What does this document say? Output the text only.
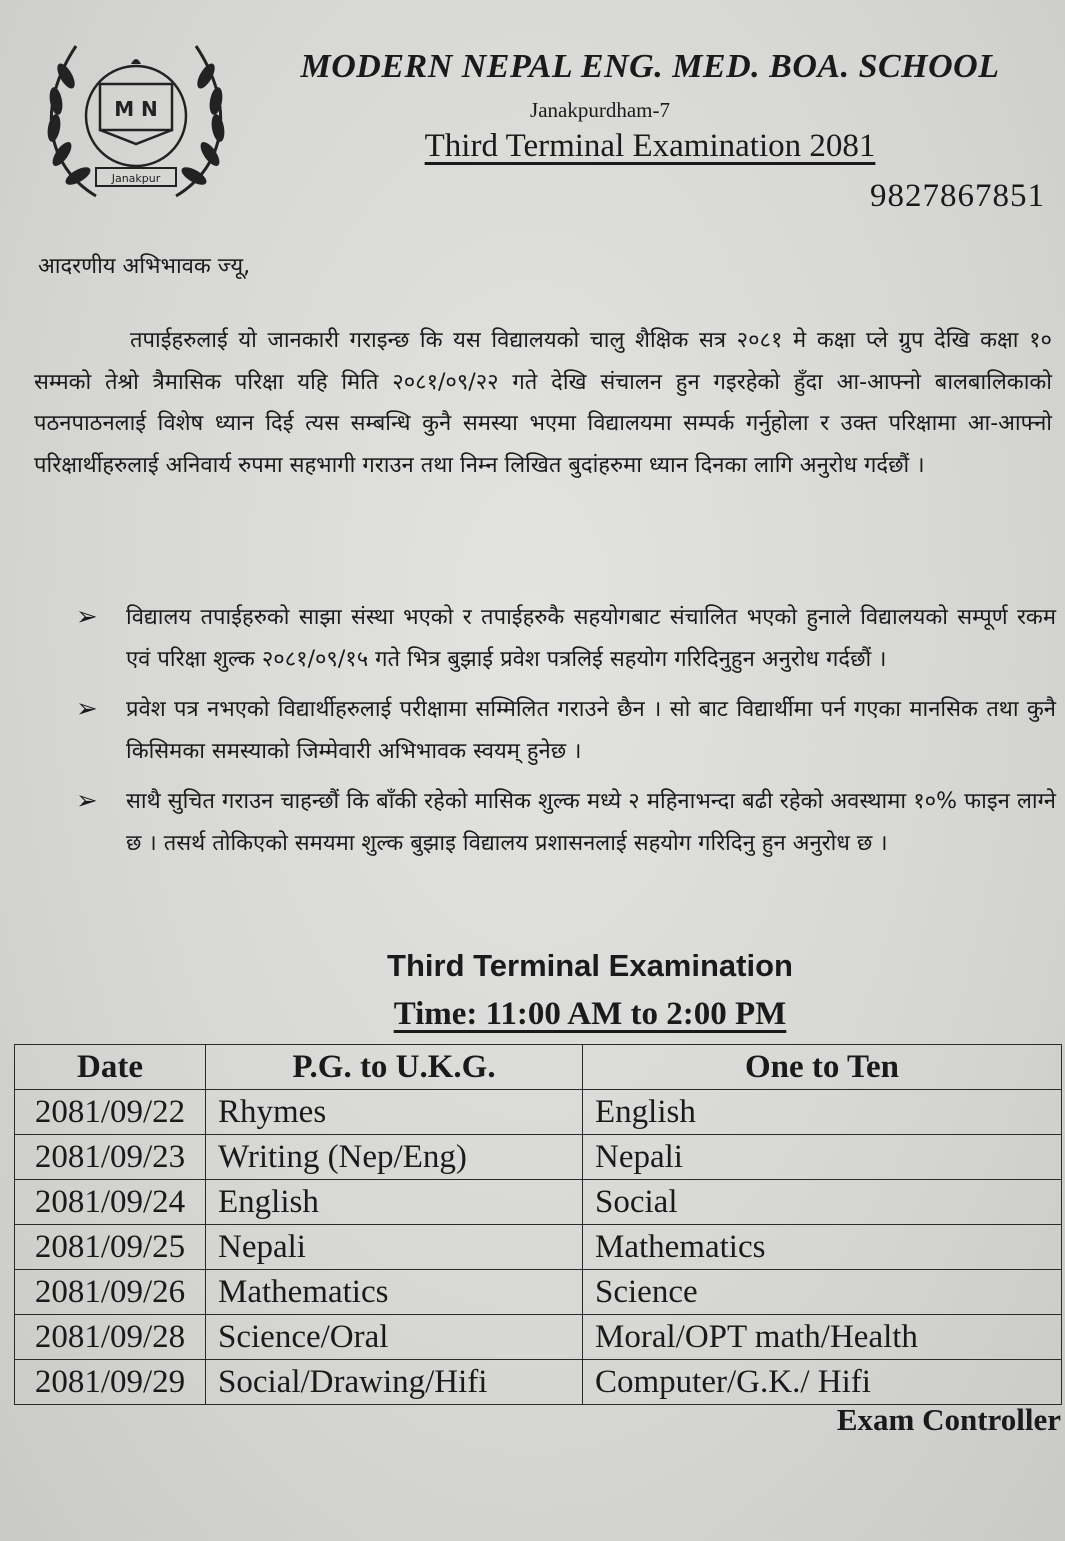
M N
Janakpur
MODERN NEPAL ENG. MED. BOA. SCHOOL
Janakpurdham-7
Third Terminal Examination 2081
9827867851
आदरणीय अभिभावक ज्यू,
तपाईहरुलाई यो जानकारी गराइन्छ कि यस विद्यालयको चालु शैक्षिक सत्र २०८१ मे कक्षा प्ले ग्रुप देखि कक्षा १० सम्मको तेश्रो त्रैमासिक परिक्षा यहि मिति २०८१/०९/२२ गते देखि संचालन हुन गइरहेको हुँदा आ-आफ्नो बालबालिकाको पठनपाठनलाई विशेष ध्यान दिई त्यस सम्बन्धि कुनै समस्या भएमा विद्यालयमा सम्पर्क गर्नुहोला र उक्त परिक्षामा आ-आफ्नो परिक्षार्थीहरुलाई अनिवार्य रुपमा सहभागी गराउन तथा निम्न लिखित बुदांहरुमा ध्यान दिनका लागि अनुरोध गर्दछौं ।
➢ विद्यालय तपाईहरुको साझा संस्था भएको र तपाईहरुकै सहयोगबाट संचालित भएको हुनाले विद्यालयको सम्पूर्ण रकम एवं परिक्षा शुल्क २०८१/०९/१५ गते भित्र बुझाई प्रवेश पत्रलिई सहयोग गरिदिनुहुन अनुरोध गर्दछौं ।
➢ प्रवेश पत्र नभएको विद्यार्थीहरुलाई परीक्षामा सम्मिलित गराउने छैन । सो बाट विद्यार्थीमा पर्न गएका मानसिक तथा कुनै किसिमका समस्याको जिम्मेवारी अभिभावक स्वयम् हुनेछ ।
➢ साथै सुचित गराउन चाहन्छौं कि बाँकी रहेको मासिक शुल्क मध्ये २ महिनाभन्दा बढी रहेको अवस्थामा १०% फाइन लाग्ने छ । तसर्थ तोकिएको समयमा शुल्क बुझाइ विद्यालय प्रशासनलाई सहयोग गरिदिनु हुन अनुरोध छ ।
Third Terminal Examination
Time: 11:00 AM to 2:00 PM
Date	P.G. to U.K.G.	One to Ten
2081/09/22	Rhymes	English
2081/09/23	Writing (Nep/Eng)	Nepali
2081/09/24	English	Social
2081/09/25	Nepali	Mathematics
2081/09/26	Mathematics	Science
2081/09/28	Science/Oral	Moral/OPT math/Health
2081/09/29	Social/Drawing/Hifi	Computer/G.K./ Hifi
Exam Controller
